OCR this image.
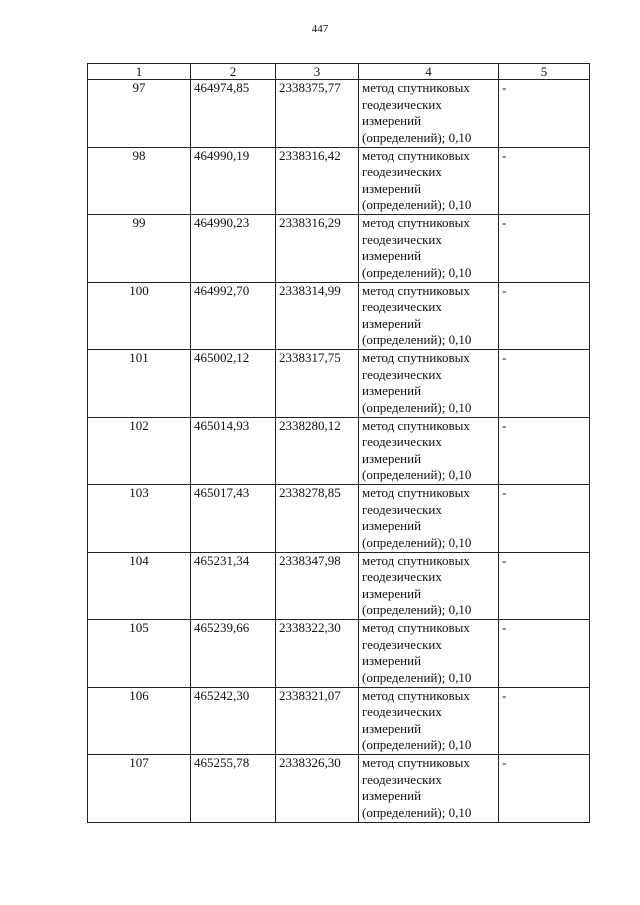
447
1	2	3	4	5
97	464974,85	2338375,77	метод спутниковых
геодезических
измерений
(определений); 0,10	-
98	464990,19	2338316,42	метод спутниковых
геодезических
измерений
(определений); 0,10	-
99	464990,23	2338316,29	метод спутниковых
геодезических
измерений
(определений); 0,10	-
100	464992,70	2338314,99	метод спутниковых
геодезических
измерений
(определений); 0,10	-
101	465002,12	2338317,75	метод спутниковых
геодезических
измерений
(определений); 0,10	-
102	465014,93	2338280,12	метод спутниковых
геодезических
измерений
(определений); 0,10	-
103	465017,43	2338278,85	метод спутниковых
геодезических
измерений
(определений); 0,10	-
104	465231,34	2338347,98	метод спутниковых
геодезических
измерений
(определений); 0,10	-
105	465239,66	2338322,30	метод спутниковых
геодезических
измерений
(определений); 0,10	-
106	465242,30	2338321,07	метод спутниковых
геодезических
измерений
(определений); 0,10	-
107	465255,78	2338326,30	метод спутниковых
геодезических
измерений
(определений); 0,10	-
